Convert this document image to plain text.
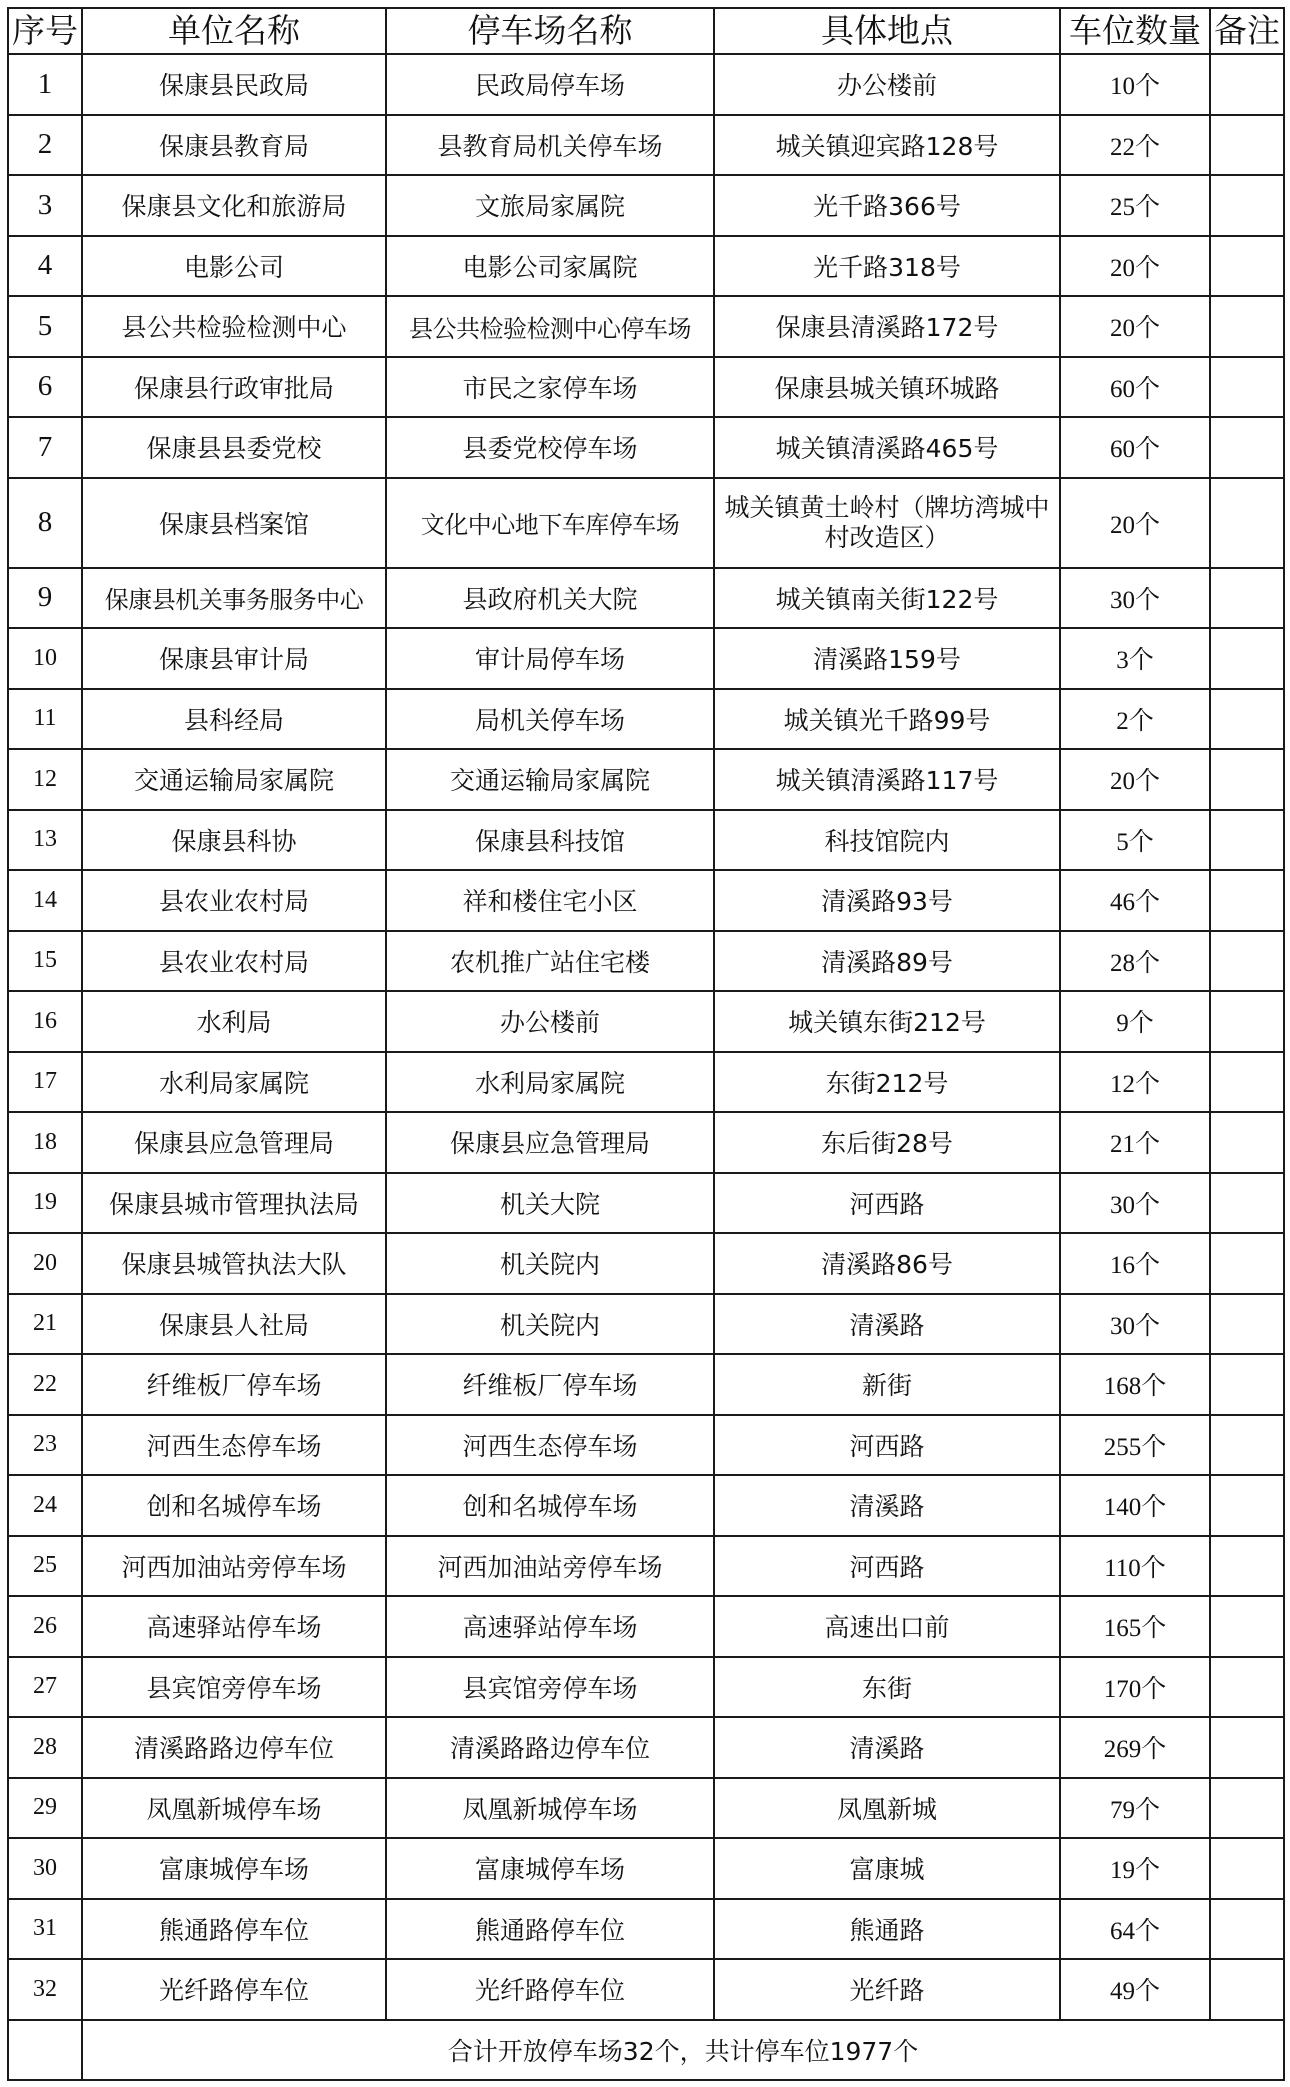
序号	单位名称	停车场名称	具体地点	车位数量	备注
1	保康县民政局	民政局停车场	办公楼前	10个	
2	保康县教育局	县教育局机关停车场	城关镇迎宾路128号	22个	
3	保康县文化和旅游局	文旅局家属院	光千路366号	25个	
4	电影公司	电影公司家属院	光千路318号	20个	
5	县公共检验检测中心	县公共检验检测中心停车场	保康县清溪路172号	20个	
6	保康县行政审批局	市民之家停车场	保康县城关镇环城路	60个	
7	保康县县委党校	县委党校停车场	城关镇清溪路465号	60个	
8	保康县档案馆	文化中心地下车库停车场	城关镇黄土岭村（牌坊湾城中村改造区）	20个	
9	保康县机关事务服务中心	县政府机关大院	城关镇南关街122号	30个	
10	保康县审计局	审计局停车场	清溪路159号	3个	
11	县科经局	局机关停车场	城关镇光千路99号	2个	
12	交通运输局家属院	交通运输局家属院	城关镇清溪路117号	20个	
13	保康县科协	保康县科技馆	科技馆院内	5个	
14	县农业农村局	祥和楼住宅小区	清溪路93号	46个	
15	县农业农村局	农机推广站住宅楼	清溪路89号	28个	
16	水利局	办公楼前	城关镇东街212号	9个	
17	水利局家属院	水利局家属院	东街212号	12个	
18	保康县应急管理局	保康县应急管理局	东后街28号	21个	
19	保康县城市管理执法局	机关大院	河西路	30个	
20	保康县城管执法大队	机关院内	清溪路86号	16个	
21	保康县人社局	机关院内	清溪路	30个	
22	纤维板厂停车场	纤维板厂停车场	新街	168个	
23	河西生态停车场	河西生态停车场	河西路	255个	
24	创和名城停车场	创和名城停车场	清溪路	140个	
25	河西加油站旁停车场	河西加油站旁停车场	河西路	110个	
26	高速驿站停车场	高速驿站停车场	高速出口前	165个	
27	县宾馆旁停车场	县宾馆旁停车场	东街	170个	
28	清溪路路边停车位	清溪路路边停车位	清溪路	269个	
29	凤凰新城停车场	凤凰新城停车场	凤凰新城	79个	
30	富康城停车场	富康城停车场	富康城	19个	
31	熊通路停车位	熊通路停车位	熊通路	64个	
32	光纤路停车位	光纤路停车位	光纤路	49个	
	合计开放停车场32个，共计停车位1977个				
